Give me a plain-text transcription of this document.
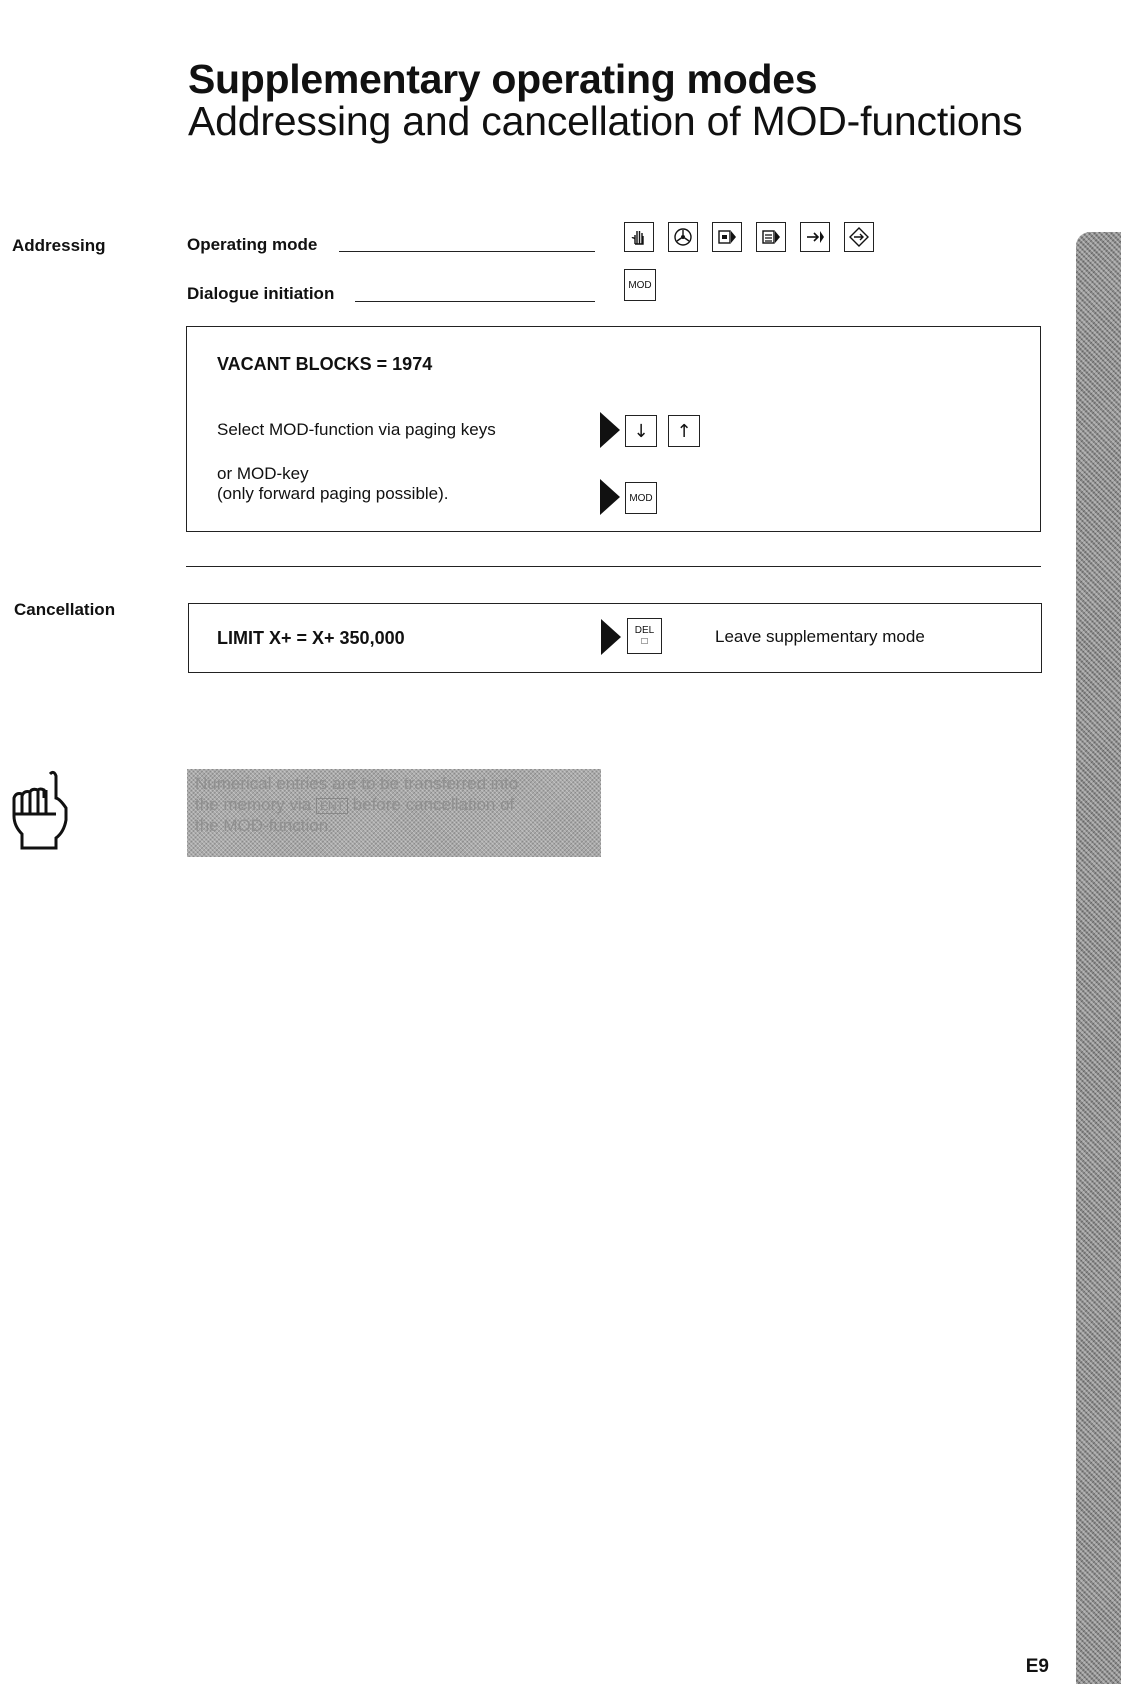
Supplementary operating modes
Addressing and cancellation of MOD-functions
Addressing	Operating mode
Dialogue initiation	MOD
VACANT BLOCKS = 1974
Select MOD-function via paging keys
or MOD-key
(only forward paging possible).
↓	↑
MOD
Cancellation
LIMIT X+ = X+ 350,000	DEL
□	Leave supplementary mode
Numerical entries are to be transferred into
the memory via ENT before cancellation of
the MOD-function.
E9
